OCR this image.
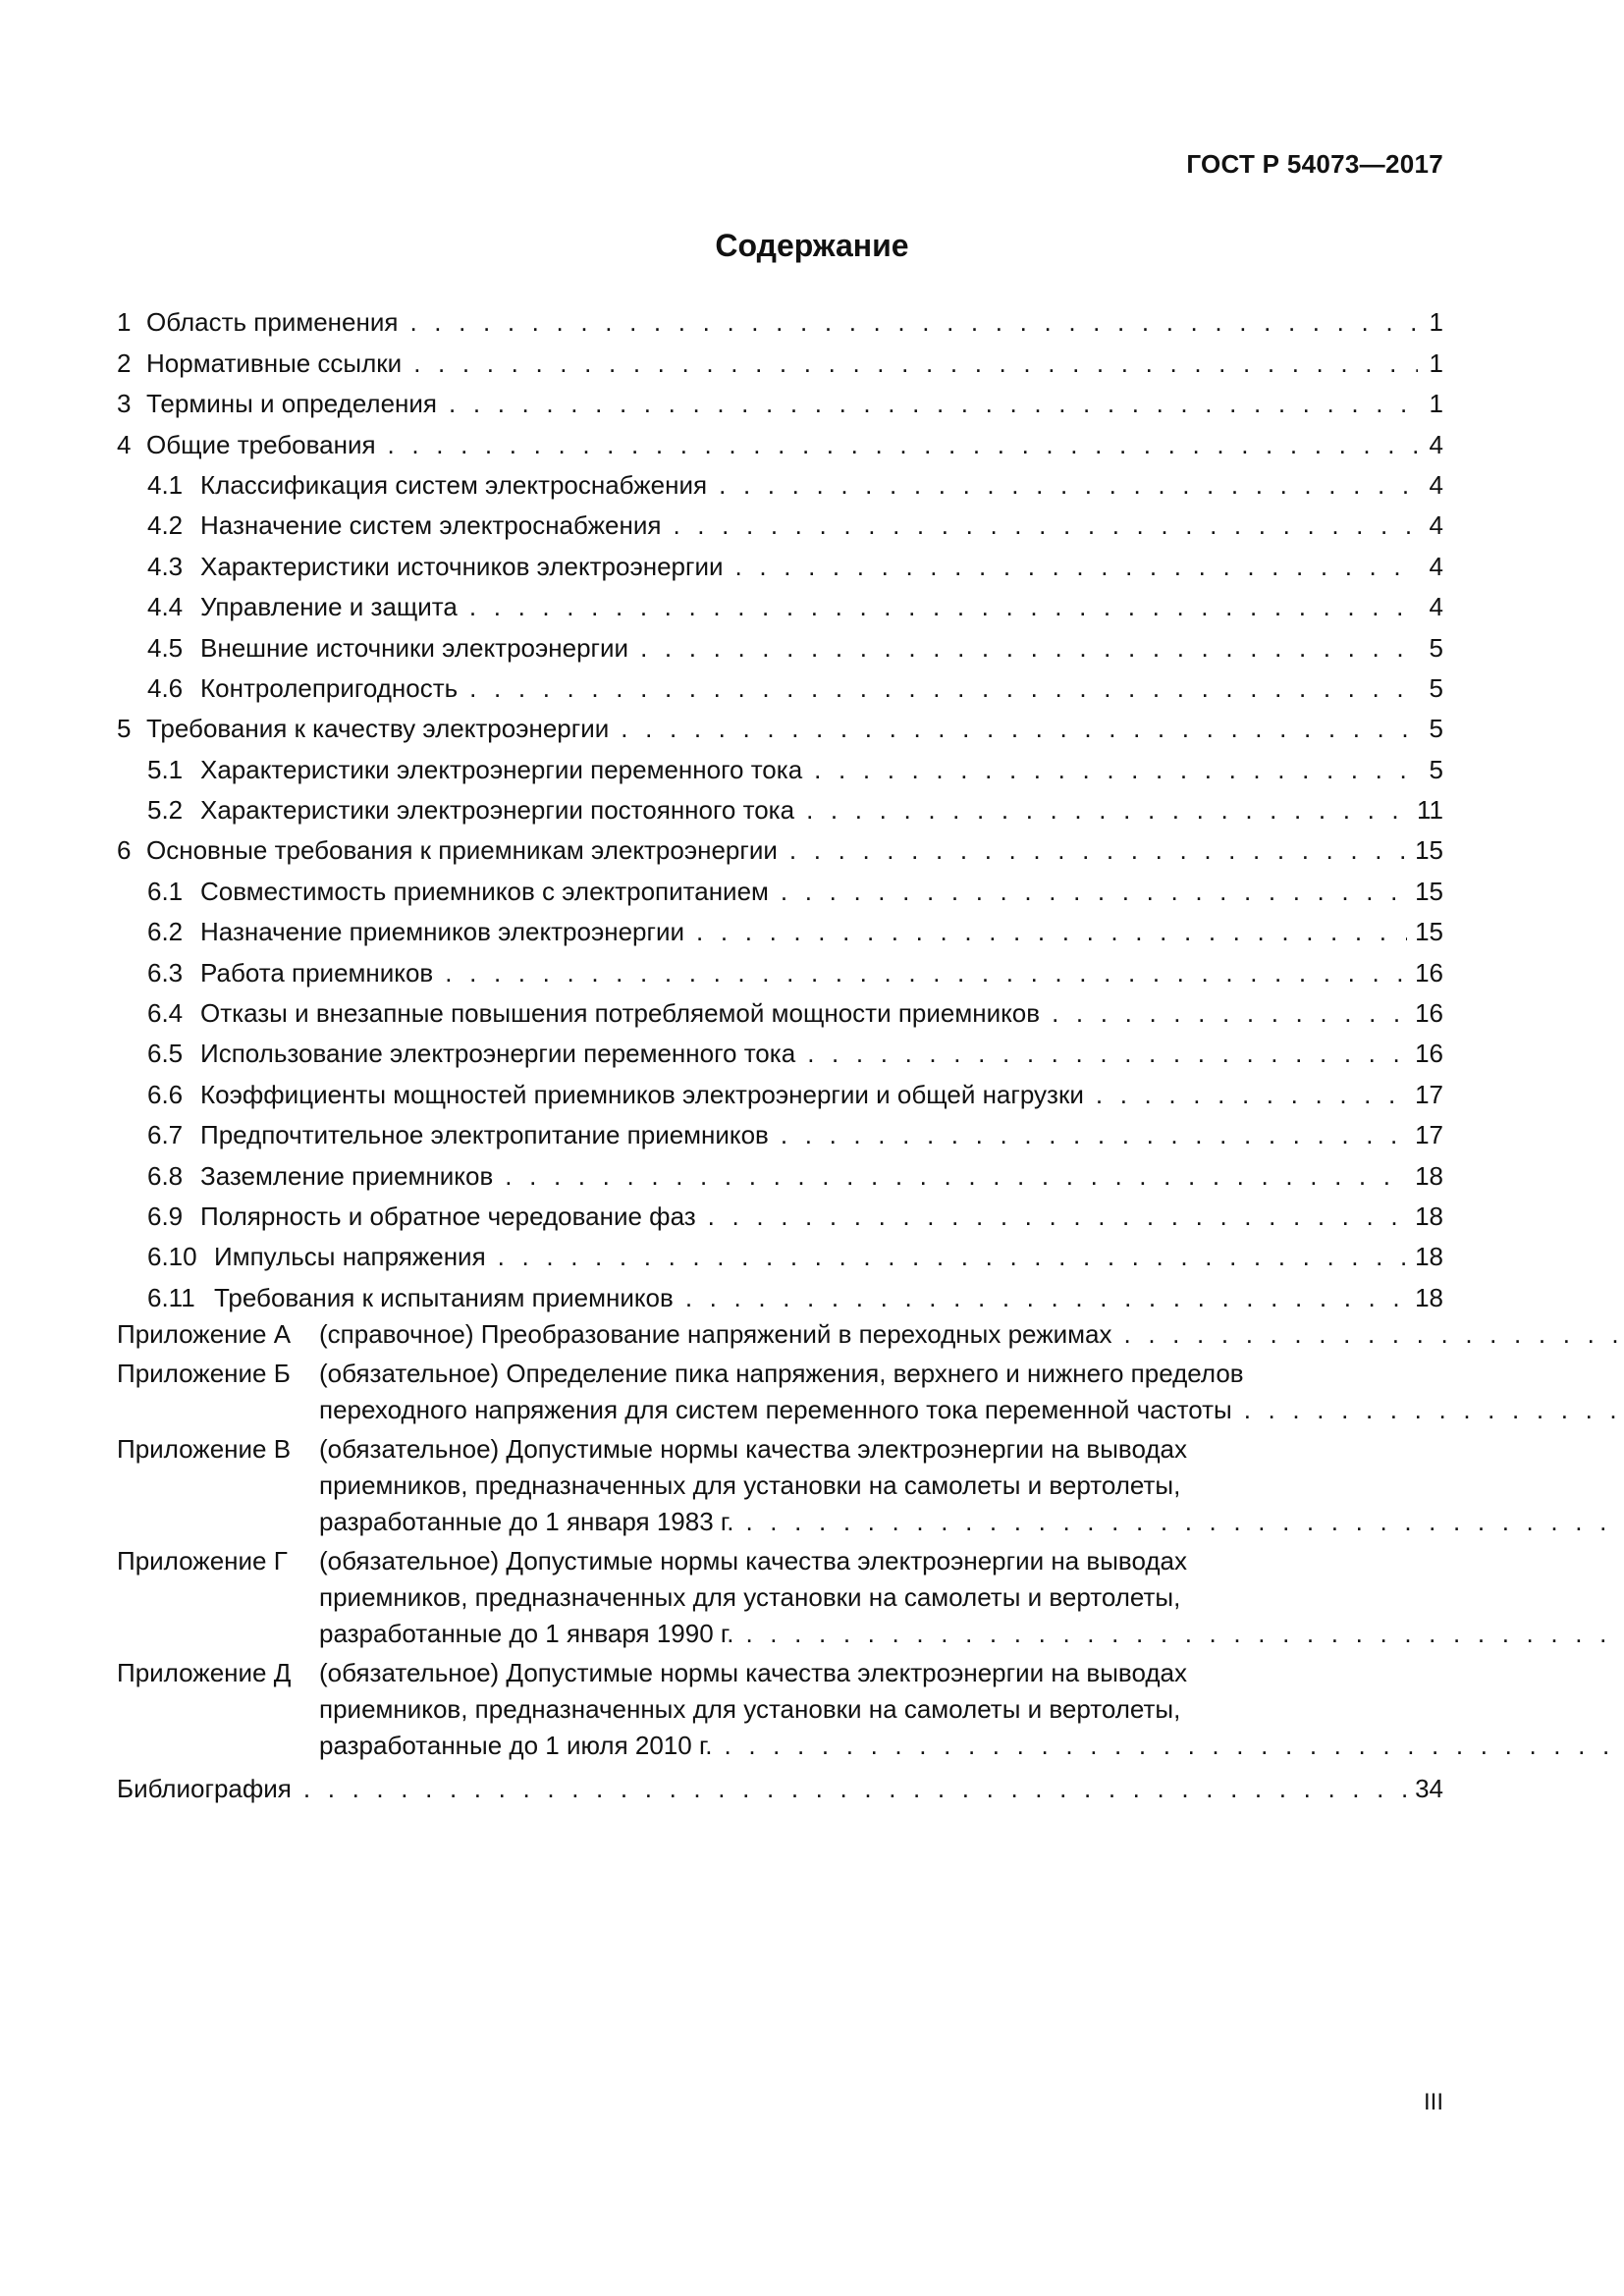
ГОСТ Р 54073—2017
Содержание
1 Область применения . . .	1
2 Нормативные ссылки . . .	1
3 Термины и определения . . .	1
4 Общие требования . . .	4
4.1 Классификация систем электроснабжения . . .	4
4.2 Назначение систем электроснабжения . . .	4
4.3 Характеристики источников электроэнергии . . .	4
4.4 Управление и защита . . .	4
4.5 Внешние источники электроэнергии . . .	5
4.6 Контролепригодность . . .	5
5 Требования к качеству электроэнергии . . .	5
5.1 Характеристики электроэнергии переменного тока . . .	5
5.2 Характеристики электроэнергии постоянного тока . . .	11
6 Основные требования к приемникам электроэнергии . . .	15
6.1 Совместимость приемников с электропитанием . . .	15
6.2 Назначение приемников электроэнергии . . .	15
6.3 Работа приемников . . .	16
6.4 Отказы и внезапные повышения потребляемой мощности приемников . . .	16
6.5 Использование электроэнергии переменного тока . . .	16
6.6 Коэффициенты мощностей приемников электроэнергии и общей нагрузки . . .	17
6.7 Предпочтительное электропитание приемников . . .	17
6.8 Заземление приемников . . .	18
6.9 Полярность и обратное чередование фаз . . .	18
6.10 Импульсы напряжения . . .	18
6.11 Требования к испытаниям приемников . . .	18
Приложение А	(справочное) Преобразование напряжений в переходных режимах
. . .
Приложение Б	(обязательное) Определение пика напряжения, верхнего и нижнего пределов
переходного напряжения для систем переменного тока переменной частоты
. . .
Приложение В	(обязательное) Допустимые нормы качества электроэнергии на выводах
приемников, предназначенных для установки на самолеты и вертолеты,
разработанные до 1 января 1983 г.
. . .
Приложение Г	(обязательное) Допустимые нормы качества электроэнергии на выводах
приемников, предназначенных для установки на самолеты и вертолеты,
разработанные до 1 января 1990 г.
. . .
Приложение Д	(обязательное) Допустимые нормы качества электроэнергии на выводах
приемников, предназначенных для установки на самолеты и вертолеты,
разработанные до 1 июля 2010 г.
. . .
Библиография . . .	34
III
